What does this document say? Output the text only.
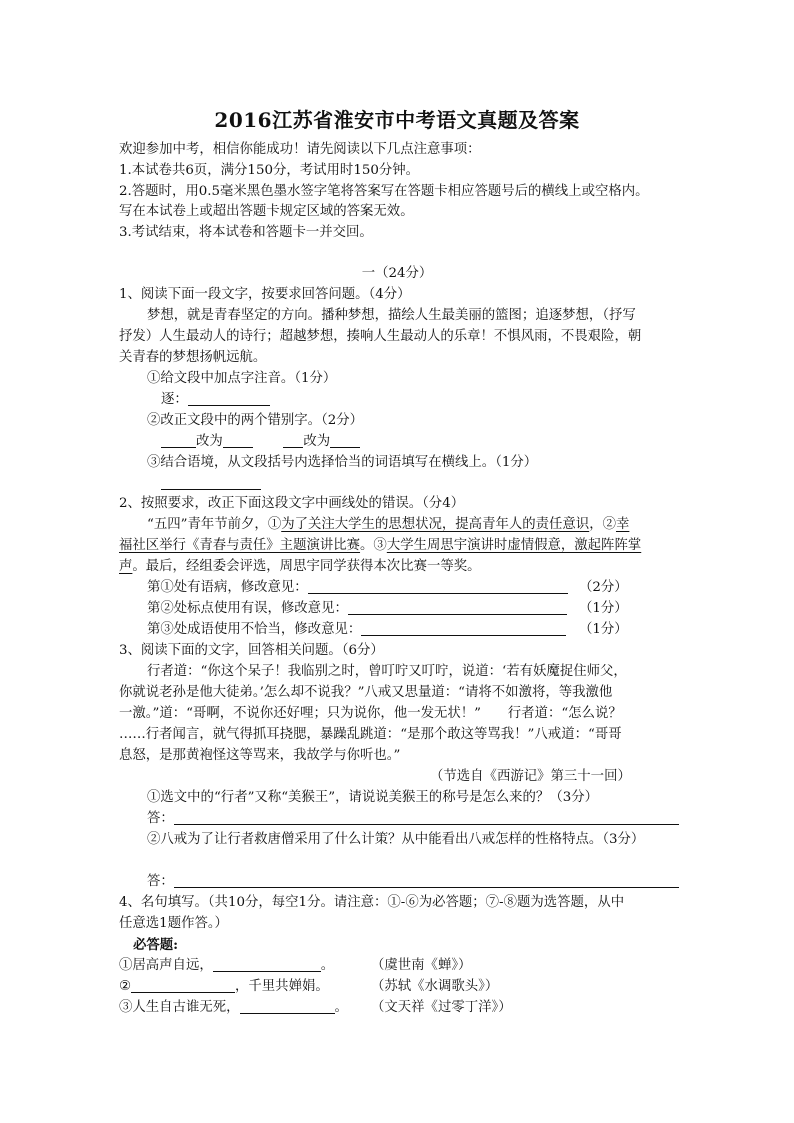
2016江苏省淮安市中考语文真题及答案
欢迎参加中考，相信你能成功！请先阅读以下几点注意事项：
1.本试卷共6页，满分150分，考试用时150分钟。
2.答题时，用0.5毫米黑色墨水签字笔将答案写在答题卡相应答题号后的横线上或空格内。
写在本试卷上或超出答题卡规定区域的答案无效。
3.考试结束，将本试卷和答题卡一并交回。
一（24分）
1、阅读下面一段文字，按要求回答问题。（4分）
梦想，就是青春坚定的方向。播种梦想，描绘人生最美丽的篮图；追逐梦想，（抒写
抒发）人生最动人的诗行；超越梦想，揍响人生最动人的乐章！不惧风雨，不畏艰险，朝
关青春的梦想扬帆远航。
①给文段中加点字注音。（1分）
逐：
②改正文段中的两个错别字。（2分）
改为	改为
③结合语境，从文段括号内选择恰当的词语填写在横线上。（1分）
2、按照要求，改正下面这段文字中画线处的错误。（分4）
“五四”青年节前夕，①为了关注大学生的思想状况，提高青年人的责任意识，②幸
福社区举行《青春与责任》主题演讲比赛。③大学生周思宇演讲时虚情假意，激起阵阵掌
声。最后，经组委会评选，周思宇同学获得本次比赛一等奖。
第①处有语病，修改意见：	（2分）
第②处标点使用有误，修改意见：	（1分）
第③处成语使用不恰当，修改意见：	（1分）
3、阅读下面的文字，回答相关问题。（6分）
行者道：“你这个呆子！我临别之时，曾叮咛又叮咛，说道：‘若有妖魔捉住师父，
你就说老孙是他大徒弟。’怎么却不说我？”八戒又思量道：“请将不如激将，等我激他
一激。”道：“哥啊，不说你还好哩；只为说你，他一发无状！”　　行者道：“怎么说？
……行者闻言，就气得抓耳挠腮，暴躁乱跳道：“是那个敢这等骂我！”八戒道：“哥哥
息怒，是那黄袍怪这等骂来，我故学与你听也。”
（节选自《西游记》第三十一回）
①选文中的“行者”又称“美猴王”，请说说美猴王的称号是怎么来的？（3分）
答：
②八戒为了让行者救唐僧采用了什么计策？从中能看出八戒怎样的性格特点。（3分）
答：
4、名句填写。（共10分，每空1分。请注意：①-⑥为必答题；⑦-⑧题为选答题，从中
任意选1题作答。）
必答题:
①居高声自远，	。	（虞世南《蝉》）
②	，千里共婵娟。	（苏轼《水调歌头》）
③人生自古谁无死，	。 （文天祥《过零丁洋》）
